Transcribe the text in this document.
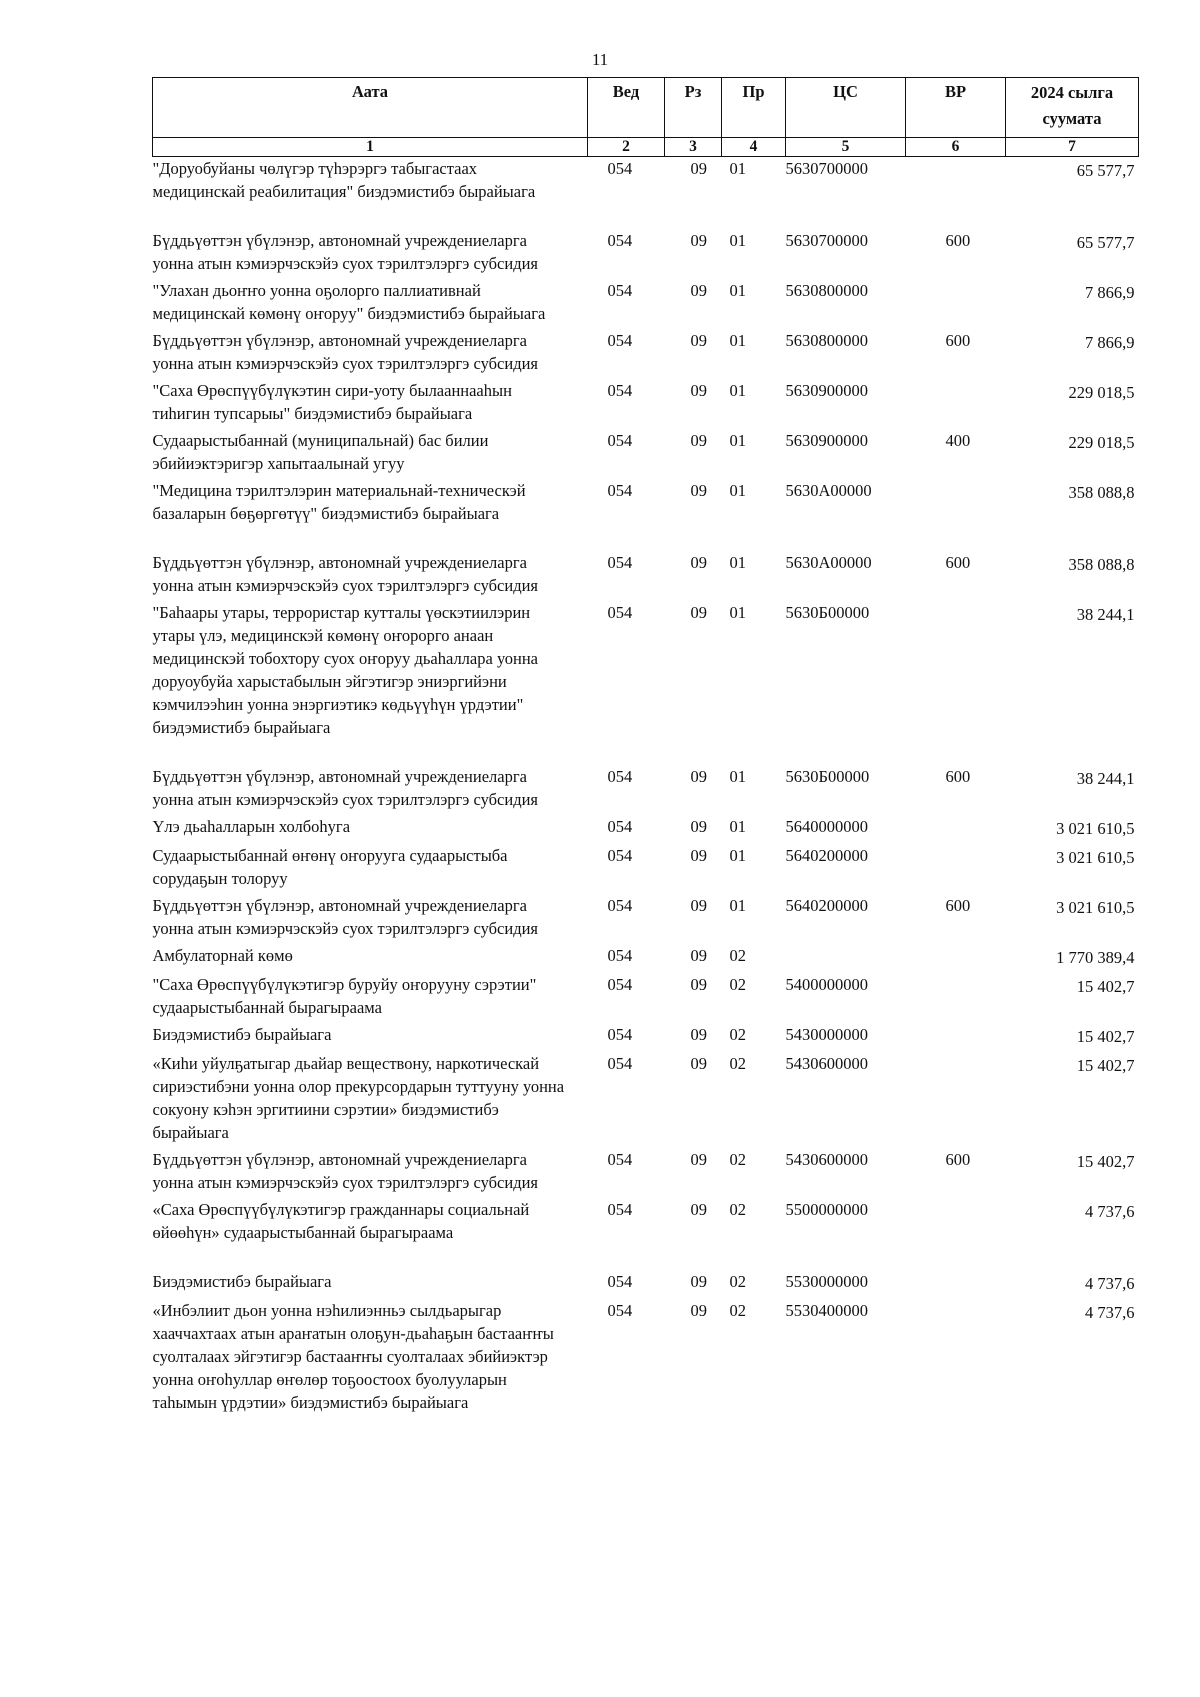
11
Аата	Вед	Рз	Пр	ЦС	ВР	2024 сылга суумата
1	2	3	4	5	6	7
"Доруобуйаны чөлүгэр түһэрэргэ табыгастаах медицинскай реабилитация" биэдэмистибэ бырайыага	054	09	01	5630700000		65 577,7
Бүддьүөттэн үбүлэнэр, автономнай учреждениеларга уонна атын кэмиэрчэскэйэ суох тэрилтэлэргэ субсидия	054	09	01	5630700000	600	65 577,7
"Улахан дьоҥҥо уонна оҕолорго паллиативнай медицинскай көмөнү оҥоруу" биэдэмистибэ бырайыага	054	09	01	5630800000		7 866,9
Бүддьүөттэн үбүлэнэр, автономнай учреждениеларга уонна атын кэмиэрчэскэйэ суох тэрилтэлэргэ субсидия	054	09	01	5630800000	600	7 866,9
"Саха Өрөспүүбүлүкэтин сири-уоту былааннааһын тиһигин тупсарыы" биэдэмистибэ бырайыага	054	09	01	5630900000		229 018,5
Судаарыстыбаннай (муниципальнай) бас билии эбийиэктэригэр хапытаалынай угуу	054	09	01	5630900000	400	229 018,5
"Медицина тэрилтэлэрин материальнай-техническэй базаларын бөҕөргөтүү" биэдэмистибэ бырайыага	054	09	01	5630А00000		358 088,8
Бүддьүөттэн үбүлэнэр, автономнай учреждениеларга уонна атын кэмиэрчэскэйэ суох тэрилтэлэргэ субсидия	054	09	01	5630А00000	600	358 088,8
"Баһаары утары, террористар кутталы үөскэтиилэрин утары үлэ, медицинскэй көмөнү оҥорорго анаан медицинскэй тобохтору суох оҥоруу дьаһаллара уонна доруоубуйа харыстабылын эйгэтигэр эниэргийэни кэмчилээһин уонна энэргиэтикэ көдьүүһүн үрдэтии" биэдэмистибэ бырайыага	054	09	01	5630Б00000		38 244,1
Бүддьүөттэн үбүлэнэр, автономнай учреждениеларга уонна атын кэмиэрчэскэйэ суох тэрилтэлэргэ субсидия	054	09	01	5630Б00000	600	38 244,1
Үлэ дьаһалларын холбоһуга	054	09	01	5640000000		3 021 610,5
Судаарыстыбаннай өҥөнү оҥорууга судаарыстыба сорудаҕын толоруу	054	09	01	5640200000		3 021 610,5
Бүддьүөттэн үбүлэнэр, автономнай учреждениеларга уонна атын кэмиэрчэскэйэ суох тэрилтэлэргэ субсидия	054	09	01	5640200000	600	3 021 610,5
Амбулаторнай көмө	054	09	02			1 770 389,4
"Саха Өрөспүүбүлүкэтигэр буруйу оҥорууну сэрэтии" судаарыстыбаннай бырагыраама	054	09	02	5400000000		15 402,7
Биэдэмистибэ бырайыага	054	09	02	5430000000		15 402,7
«Киһи уйулҕатыгар дьайар веществону, наркотическай сириэстибэни уонна олор прекурсордарын туттууну уонна сокуону кэһэн эргитиини сэрэтии» биэдэмистибэ бырайыага	054	09	02	5430600000		15 402,7
Бүддьүөттэн үбүлэнэр, автономнай учреждениеларга уонна атын кэмиэрчэскэйэ суох тэрилтэлэргэ субсидия	054	09	02	5430600000	600	15 402,7
«Саха Өрөспүүбүлүкэтигэр гражданнары социальнай өйөөһүн» судаарыстыбаннай бырагыраама	054	09	02	5500000000		4 737,6
Биэдэмистибэ бырайыага	054	09	02	5530000000		4 737,6
«Инбэлиит дьон уонна нэһилиэнньэ сылдьарыгар хааччахтаах атын араҥатын олоҕун-дьаһаҕын бастааҥҥы суолталаах эйгэтигэр бастааҥҥы суолталаах эбийиэктэр уонна оҥоһуллар өҥөлөр тоҕоостоох буолууларын таһымын үрдэтии» биэдэмистибэ бырайыага	054	09	02	5530400000		4 737,6
